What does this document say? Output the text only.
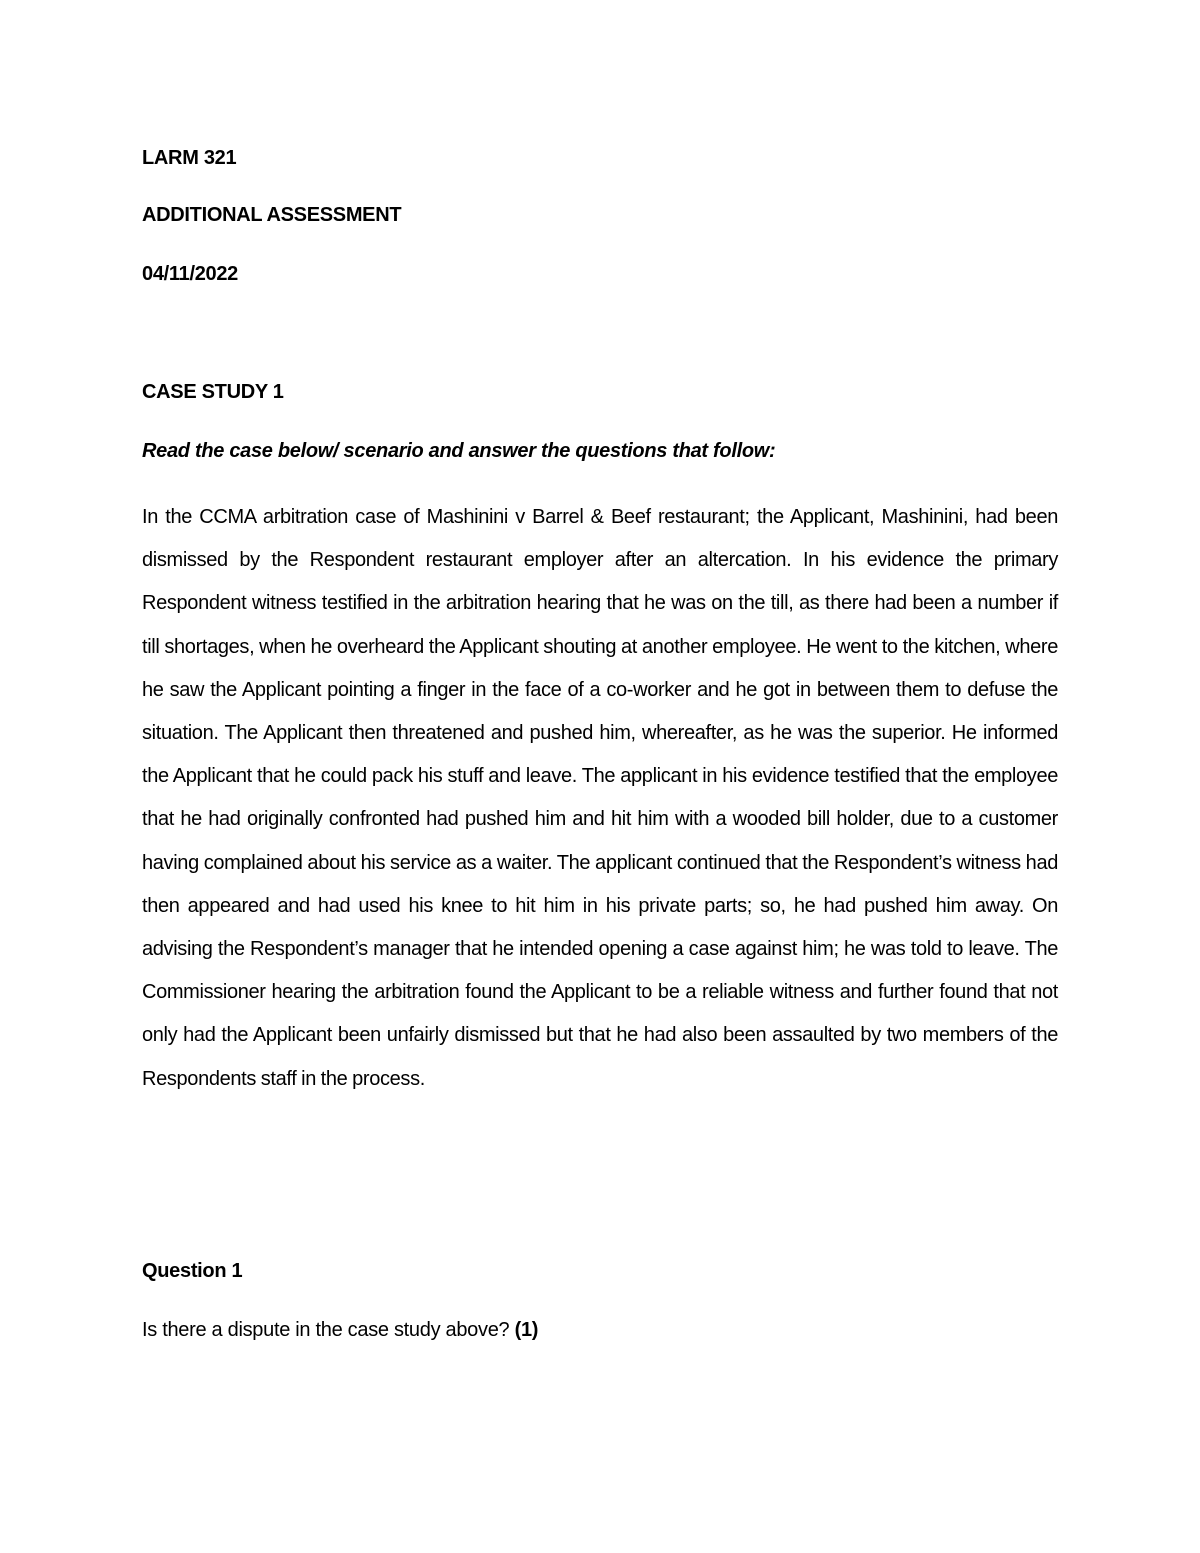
LARM 321

ADDITIONAL ASSESSMENT

04/11/2022

CASE STUDY 1

Read the case below/ scenario and answer the questions that follow:

In the CCMA arbitration case of Mashinini v Barrel & Beef restaurant; the Applicant, Mashinini, had been dismissed by the Respondent restaurant employer after an altercation. In his evidence the primary Respondent witness testified in the arbitration hearing that he was on the till, as there had been a number if till shortages, when he overheard the Applicant shouting at another employee. He went to the kitchen, where he saw the Applicant pointing a finger in the face of a co-worker and he got in between them to defuse the situation. The Applicant then threatened and pushed him, whereafter, as he was the superior. He informed the Applicant that he could pack his stuff and leave. The applicant in his evidence testified that the employee that he had originally confronted had pushed him and hit him with a wooded bill holder, due to a customer having complained about his service as a waiter. The applicant continued that the Respondent’s witness had then appeared and had used his knee to hit him in his private parts; so, he had pushed him away. On advising the Respondent’s manager that he intended opening a case against him; he was told to leave. The Commissioner hearing the arbitration found the Applicant to be a reliable witness and further found that not only had the Applicant been unfairly dismissed but that he had also been assaulted by two members of the Respondents staff in the process.

Question 1

Is there a dispute in the case study above? (1)
